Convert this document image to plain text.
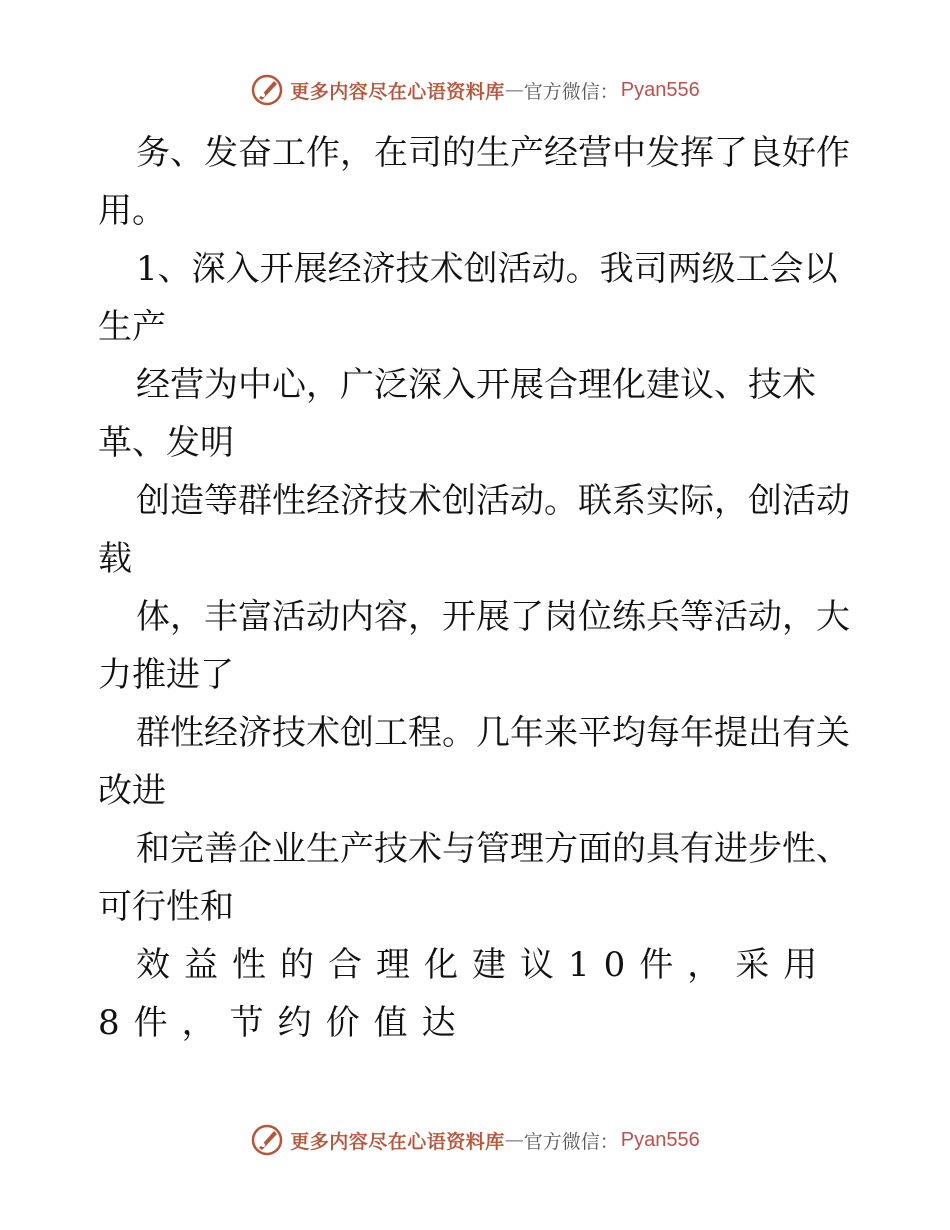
更多内容尽在心语资料库 — 官方微信： Pyan556
务、发奋工作，在司的生产经营中发挥了良好作
用。
1、深入开展经济技术创活动。我司两级工会以
生产
经营为中心，广泛深入开展合理化建议、技术
革、发明
创造等群性经济技术创活动。联系实际，创活动
载
体，丰富活动内容，开展了岗位练兵等活动，大
力推进了
群性经济技术创工程。几年来平均每年提出有关
改进
和完善企业生产技术与管理方面的具有进步性、
可行性和
效益性的合理化建议10件，采用
8件，节约价值达
更多内容尽在心语资料库 — 官方微信： Pyan556
